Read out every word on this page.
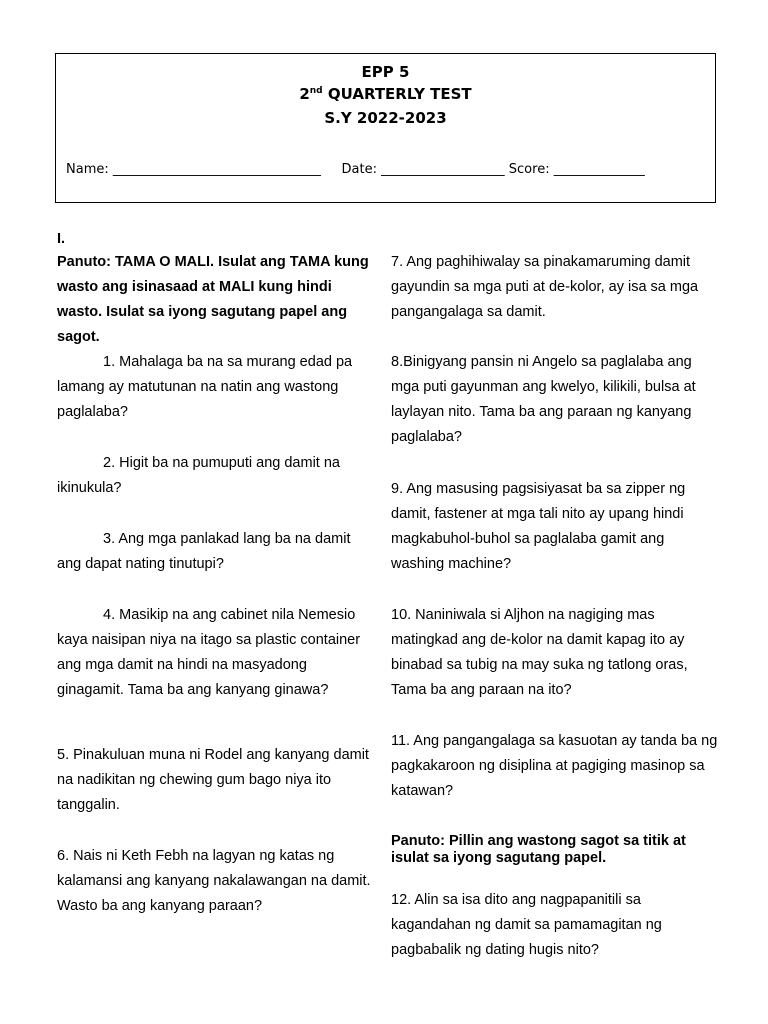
EPP 5
2nd QUARTERLY TEST
S.Y 2022-2023
Name: ________________________________ Date: ___________________ Score: ______________
I.

Panuto: TAMA O MALI. Isulat ang TAMA kung wasto ang isinasaad at MALI kung hindi wasto. Isulat sa iyong sagutang papel ang sagot.

1. Mahalaga ba na sa murang edad pa lamang ay matutunan na natin ang wastong paglalaba?

2. Higit ba na pumuputi ang damit na ikinukula?

3. Ang mga panlakad lang ba na damit ang dapat nating tinutupi?

4. Masikip na ang cabinet nila Nemesio kaya naisipan niya na itago sa plastic container ang mga damit na hindi na masyadong ginagamit. Tama ba ang kanyang ginawa?

5. Pinakuluan muna ni Rodel ang kanyang damit na nadikitan ng chewing gum bago niya ito tanggalin.

6. Nais ni Keth Febh na lagyan ng katas ng kalamansi ang kanyang nakalawangan na damit. Wasto ba ang kanyang paraan?

7. Ang paghihiwalay sa pinakamaruming damit gayundin sa mga puti at de-kolor, ay isa sa mga pangangalaga sa damit.

8.Binigyang pansin ni Angelo sa paglalaba ang mga puti gayunman ang kwelyo, kilikili, bulsa at laylayan nito. Tama ba ang paraan ng kanyang paglalaba?

9. Ang masusing pagsisiyasat ba sa zipper ng damit, fastener at mga tali nito ay upang hindi magkabuhol-buhol sa paglalaba gamit ang washing machine?

10. Naniniwala si Aljhon na nagiging mas matingkad ang de-kolor na damit kapag ito ay binabad sa tubig na may suka ng tatlong oras, Tama ba ang paraan na ito?

11. Ang pangangalaga sa kasuotan ay tanda ba ng pagkakaroon ng disiplina at pagiging masinop sa katawan?

Panuto: Pillin ang wastong sagot sa titik at isulat sa iyong sagutang papel.

12. Alin sa isa dito ang nagpapanitili sa kagandahan ng damit sa pamamagitan ng pagbabalik ng dating hugis nito?
